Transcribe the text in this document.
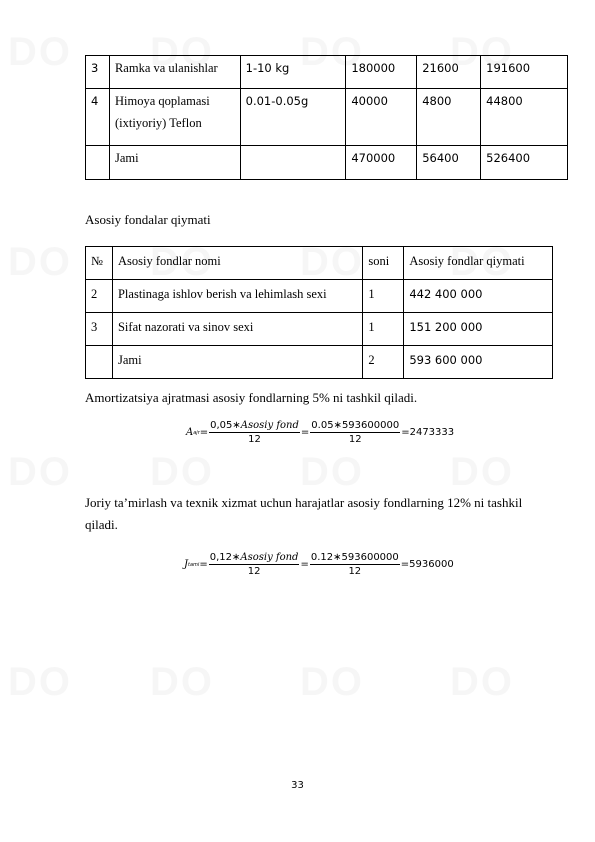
3	Ramka va ulanishlar	1-10 kg	180000	21600	191600
4	Himoya qoplamasi (ixtiyoriy) Teflon	0.01-0.05g	40000	4800	44800
	Jami		470000	56400	526400
Asosiy fondalar qiymati
№	Asosiy fondlar nomi	soni	Asosiy fondlar qiymati
2	Plastinaga ishlov berish va lehimlash sexi	1	442 400 000
3	Sifat nazorati va sinov sexi	1	151 200 000
	Jami	2	593 600 000
Amortizatsiya ajratmasi asosiy fondlarning 5% ni tashkil qiladi.
A ajr = $\frac{\text{0,05∗Asosiy fond}}{12} = \frac{0.05∗593600000}{12} = 2473333$
Joriy ta’mirlash va texnik xizmat uchun harajatlar asosiy fondlarning 12% ni tashkil qiladi.
J tami = $\frac{\text{0,12∗Asosiy fond}}{12} = \frac{0.12∗593600000}{12} = 5936000$
33
